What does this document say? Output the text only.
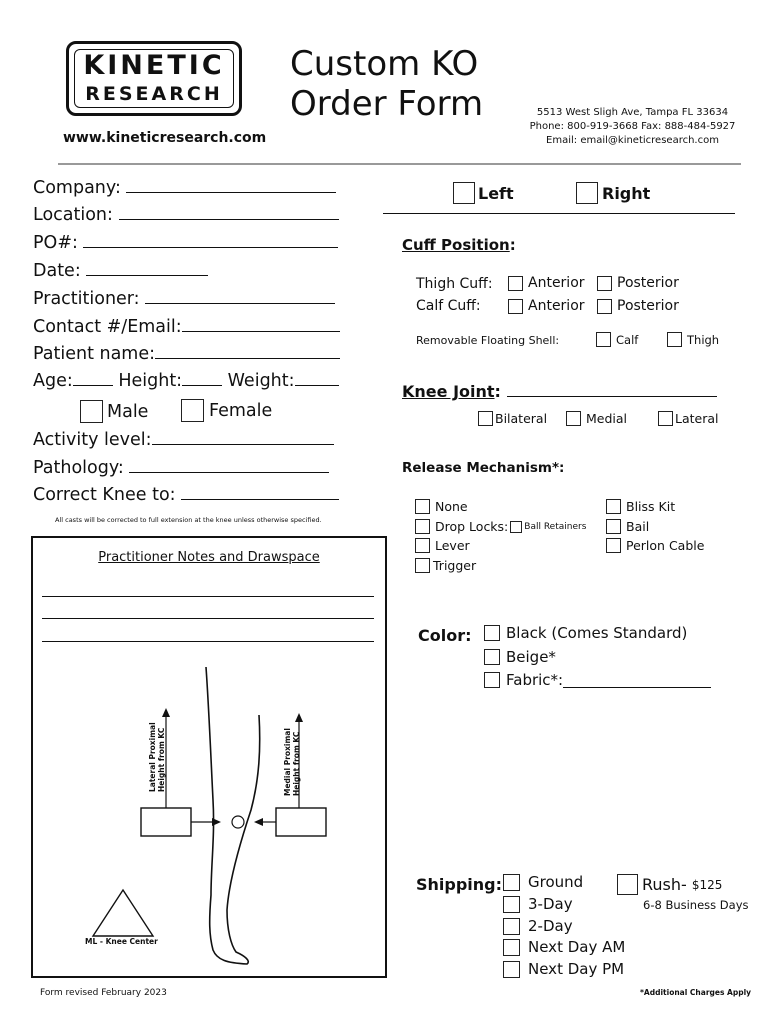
KINETIC
RESEARCH
www.kineticresearch.com
Custom KO
Order Form	5513 West Sligh Ave, Tampa FL 33634
Phone: 800-919-3668 Fax: 888-484-5927
Email: email@kineticresearch.com
Company:
Location:
PO#:
Date:
Practitioner:
Contact #/Email:
Patient name:
Age:	Height:	Weight:
Male	Female
Activity level:
Pathology:
Correct Knee to:
All casts will be corrected to full extension at the knee unless otherwise specified.
Practitioner Notes and Drawspace
Lateral Proximal Height from KC	Medial Proximal Height from KC
ML - Knee Center
Left	Right
Cuff Position:
Thigh Cuff:	Anterior Posterior
Calf Cuff:	Anterior Posterior
Removable Floating Shell:	Calf	Thigh
Knee Joint:
Bilateral	Medial	Lateral
Release Mechanism*:
None
Drop Locks: Ball Retainers
Lever
Trigger
Bliss Kit
Bail
Perlon Cable
Color: Black (Comes Standard)
Beige*
Fabric*:
Shipping: Ground
3-Day
2-Day
Next Day AM
Next Day PM
Rush-
$125
6-8 Business Days
Form revised February 2023	*Additional Charges Apply
